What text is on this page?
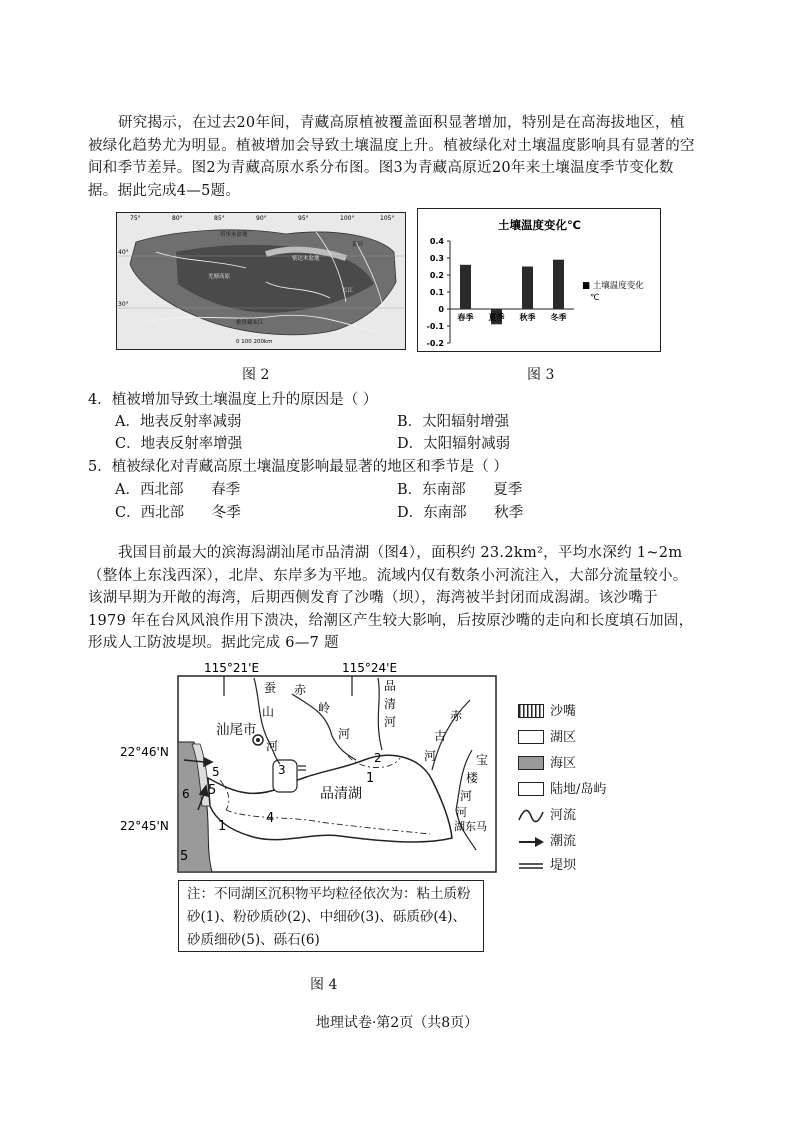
研究揭示，在过去20年间，青藏高原植被覆盖面积显著增加，特别是在高海拔地区，植被绿化趋势尤为明显。植被增加会导致土壤温度上升。植被绿化对土壤温度影响具有显著的空间和季节差异。图2为青藏高原水系分布图。图3为青藏高原近20年来土壤温度季节变化数据。据此完成4—5题。
40°
30°
75°	80°	85°	90°	95°	100°	105°
塔里木盆地
柴达木盆地
羌塘高原
雅鲁藏布江
长江
黄河
0 100 200km
土壤温度变化℃
0.4
0.3
0.2
0.1
0
-0.1
-0.2
春季 夏季 秋季 冬季
■ 土壤温度变化
℃
图 2	图 3
4．植被增加导致土壤温度上升的原因是（ ）
A．地表反射率减弱	B．太阳辐射增强
C．地表反射率增强	D．太阳辐射减弱
5．植被绿化对青藏高原土壤温度影响最显著的地区和季节是（ ）
A．西北部      春季	B．东南部      夏季
C．西北部      冬季	D．东南部      秋季
我国目前最大的滨海潟湖汕尾市品清湖（图4），面积约 23.2km²，平均水深约 1~2m（整体上东浅西深），北岸、东岸多为平地。流域内仅有数条小河流注入，大部分流量较小。该湖早期为开敞的海湾，后期西侧发育了沙嘴（坝），海湾被半封闭而成潟湖。该沙嘴于 1979 年在台风风浪作用下溃决，给潮区产生较大影响，后按原沙嘴的走向和长度填石加固，形成人工防波堤坝。据此完成 6—7 题
115°21'E	115°24'E
22°46'N
22°45'N
汕尾市
品清湖
蚕 赤
岭
河
山
河
品
清
河	赤
古
河	宝
楼
河
湖东马
河
1
2
3
4
5
6
5
1
5
沙嘴
湖区
海区
陆地/岛屿
河流
潮流
堤坝
注：不同湖区沉积物平均粒径依次为：粘土质粉砂(1)、粉砂质砂(2)、中细砂(3)、砾质砂(4)、砂质细砂(5)、砾石(6)
图 4
地理试卷·第2页（共8页）
